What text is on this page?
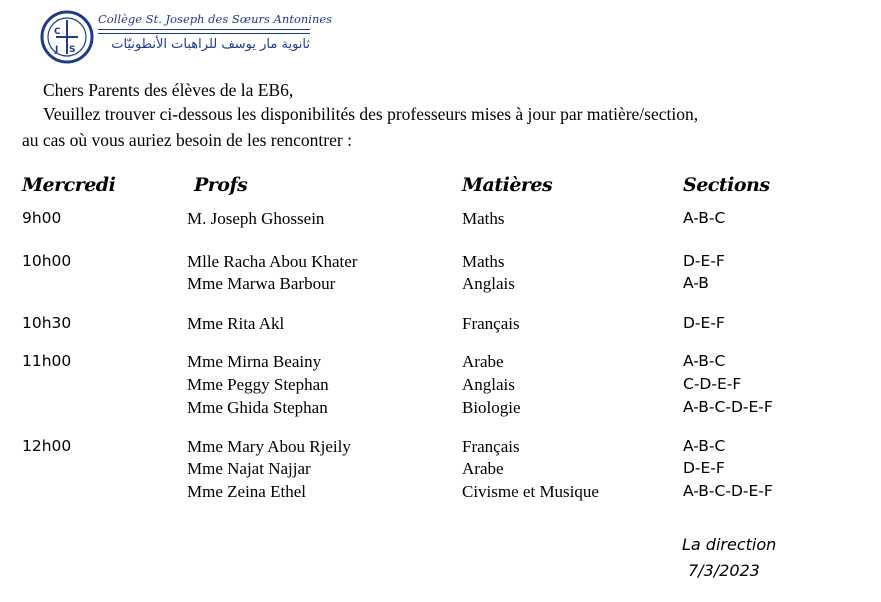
C
S
J
Collège St. Joseph des Sœurs Antonines
ثانوية مار يوسف للراهبات الأنطونيّات
Chers Parents des élèves de la EB6,
Veuillez trouver ci-dessous les disponibilités des professeurs mises à jour par matière/section,
au cas où vous auriez besoin de les rencontrer :
Mercredi	Profs	Matières	Sections
9h00	M. Joseph Ghossein	Maths	A-B-C
10h00	Mlle Racha Abou Khater	Maths	D-E-F
Mme Marwa Barbour	Anglais	A-B
10h30	Mme Rita Akl	Français	D-E-F
11h00	Mme Mirna Beainy	Arabe	A-B-C
Mme Peggy Stephan	Anglais	C-D-E-F
Mme Ghida Stephan	Biologie	A-B-C-D-E-F
12h00	Mme Mary Abou Rjeily	Français	A-B-C
Mme Najat Najjar	Arabe	D-E-F
Mme Zeina Ethel	Civisme et Musique	A-B-C-D-E-F
La direction
7/3/2023
